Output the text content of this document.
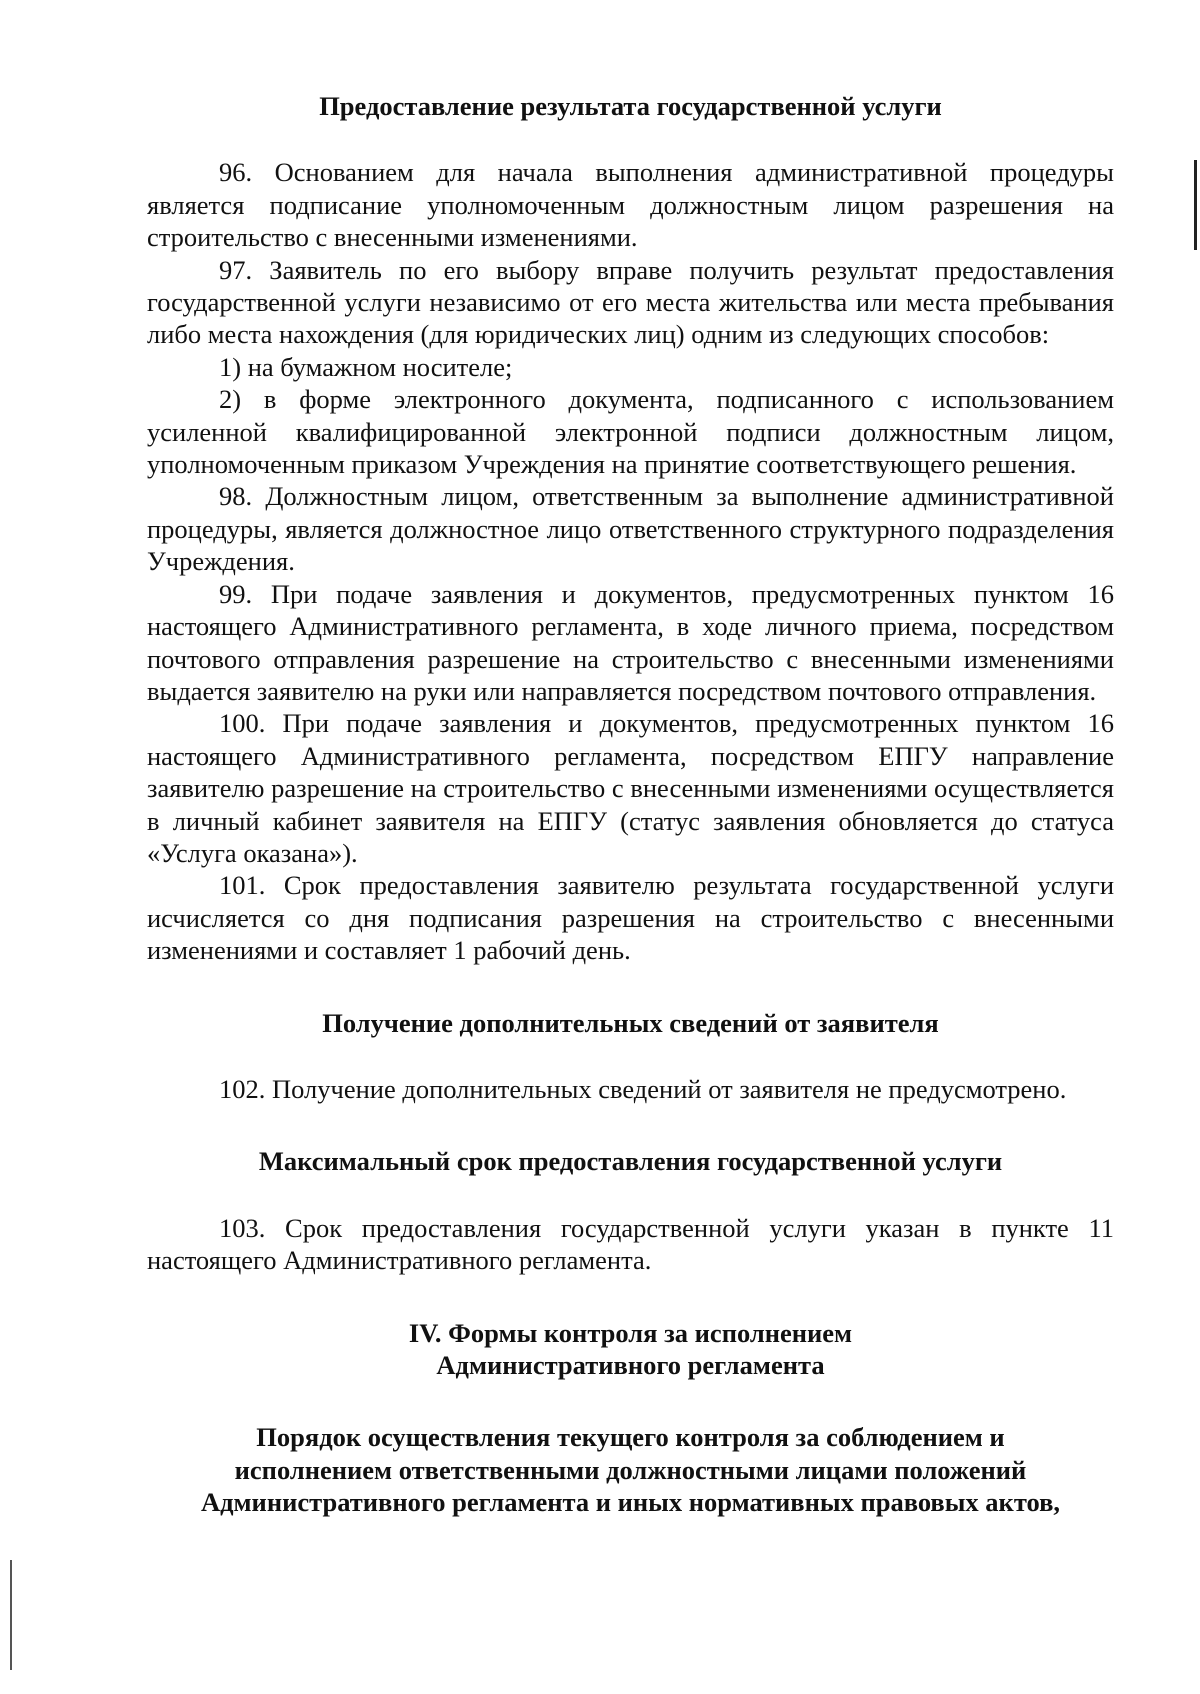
Предоставление результата государственной услуги

96. Основанием для начала выполнения административной процедуры является подписание уполномоченным должностным лицом разрешения на строительство с внесенными изменениями.

97. Заявитель по его выбору вправе получить результат предоставления государственной услуги независимо от его места жительства или места пребывания либо места нахождения (для юридических лиц) одним из следующих способов:

1) на бумажном носителе;

2) в форме электронного документа, подписанного с использованием усиленной квалифицированной электронной подписи должностным лицом, уполномоченным приказом Учреждения на принятие соответствующего решения.

98. Должностным лицом, ответственным за выполнение административной процедуры, является должностное лицо ответственного структурного подразделения Учреждения.

99. При подаче заявления и документов, предусмотренных пунктом 16 настоящего Административного регламента, в ходе личного приема, посредством почтового отправления разрешение на строительство с внесенными изменениями выдается заявителю на руки или направляется посредством почтового отправления.

100. При подаче заявления и документов, предусмотренных пунктом 16 настоящего Административного регламента, посредством ЕПГУ направление заявителю разрешение на строительство с внесенными изменениями осуществляется в личный кабинет заявителя на ЕПГУ (статус заявления обновляется до статуса «Услуга оказана»).

101. Срок предоставления заявителю результата государственной услуги исчисляется со дня подписания разрешения на строительство с внесенными изменениями и составляет 1 рабочий день.

Получение дополнительных сведений от заявителя

102. Получение дополнительных сведений от заявителя не предусмотрено.

Максимальный срок предоставления государственной услуги

103. Срок предоставления государственной услуги указан в пункте 11 настоящего Административного регламента.

IV. Формы контроля за исполнением
Административного регламента
Порядок осуществления текущего контроля за соблюдением и
исполнением ответственными должностными лицами положений
Административного регламента и иных нормативных правовых актов,
